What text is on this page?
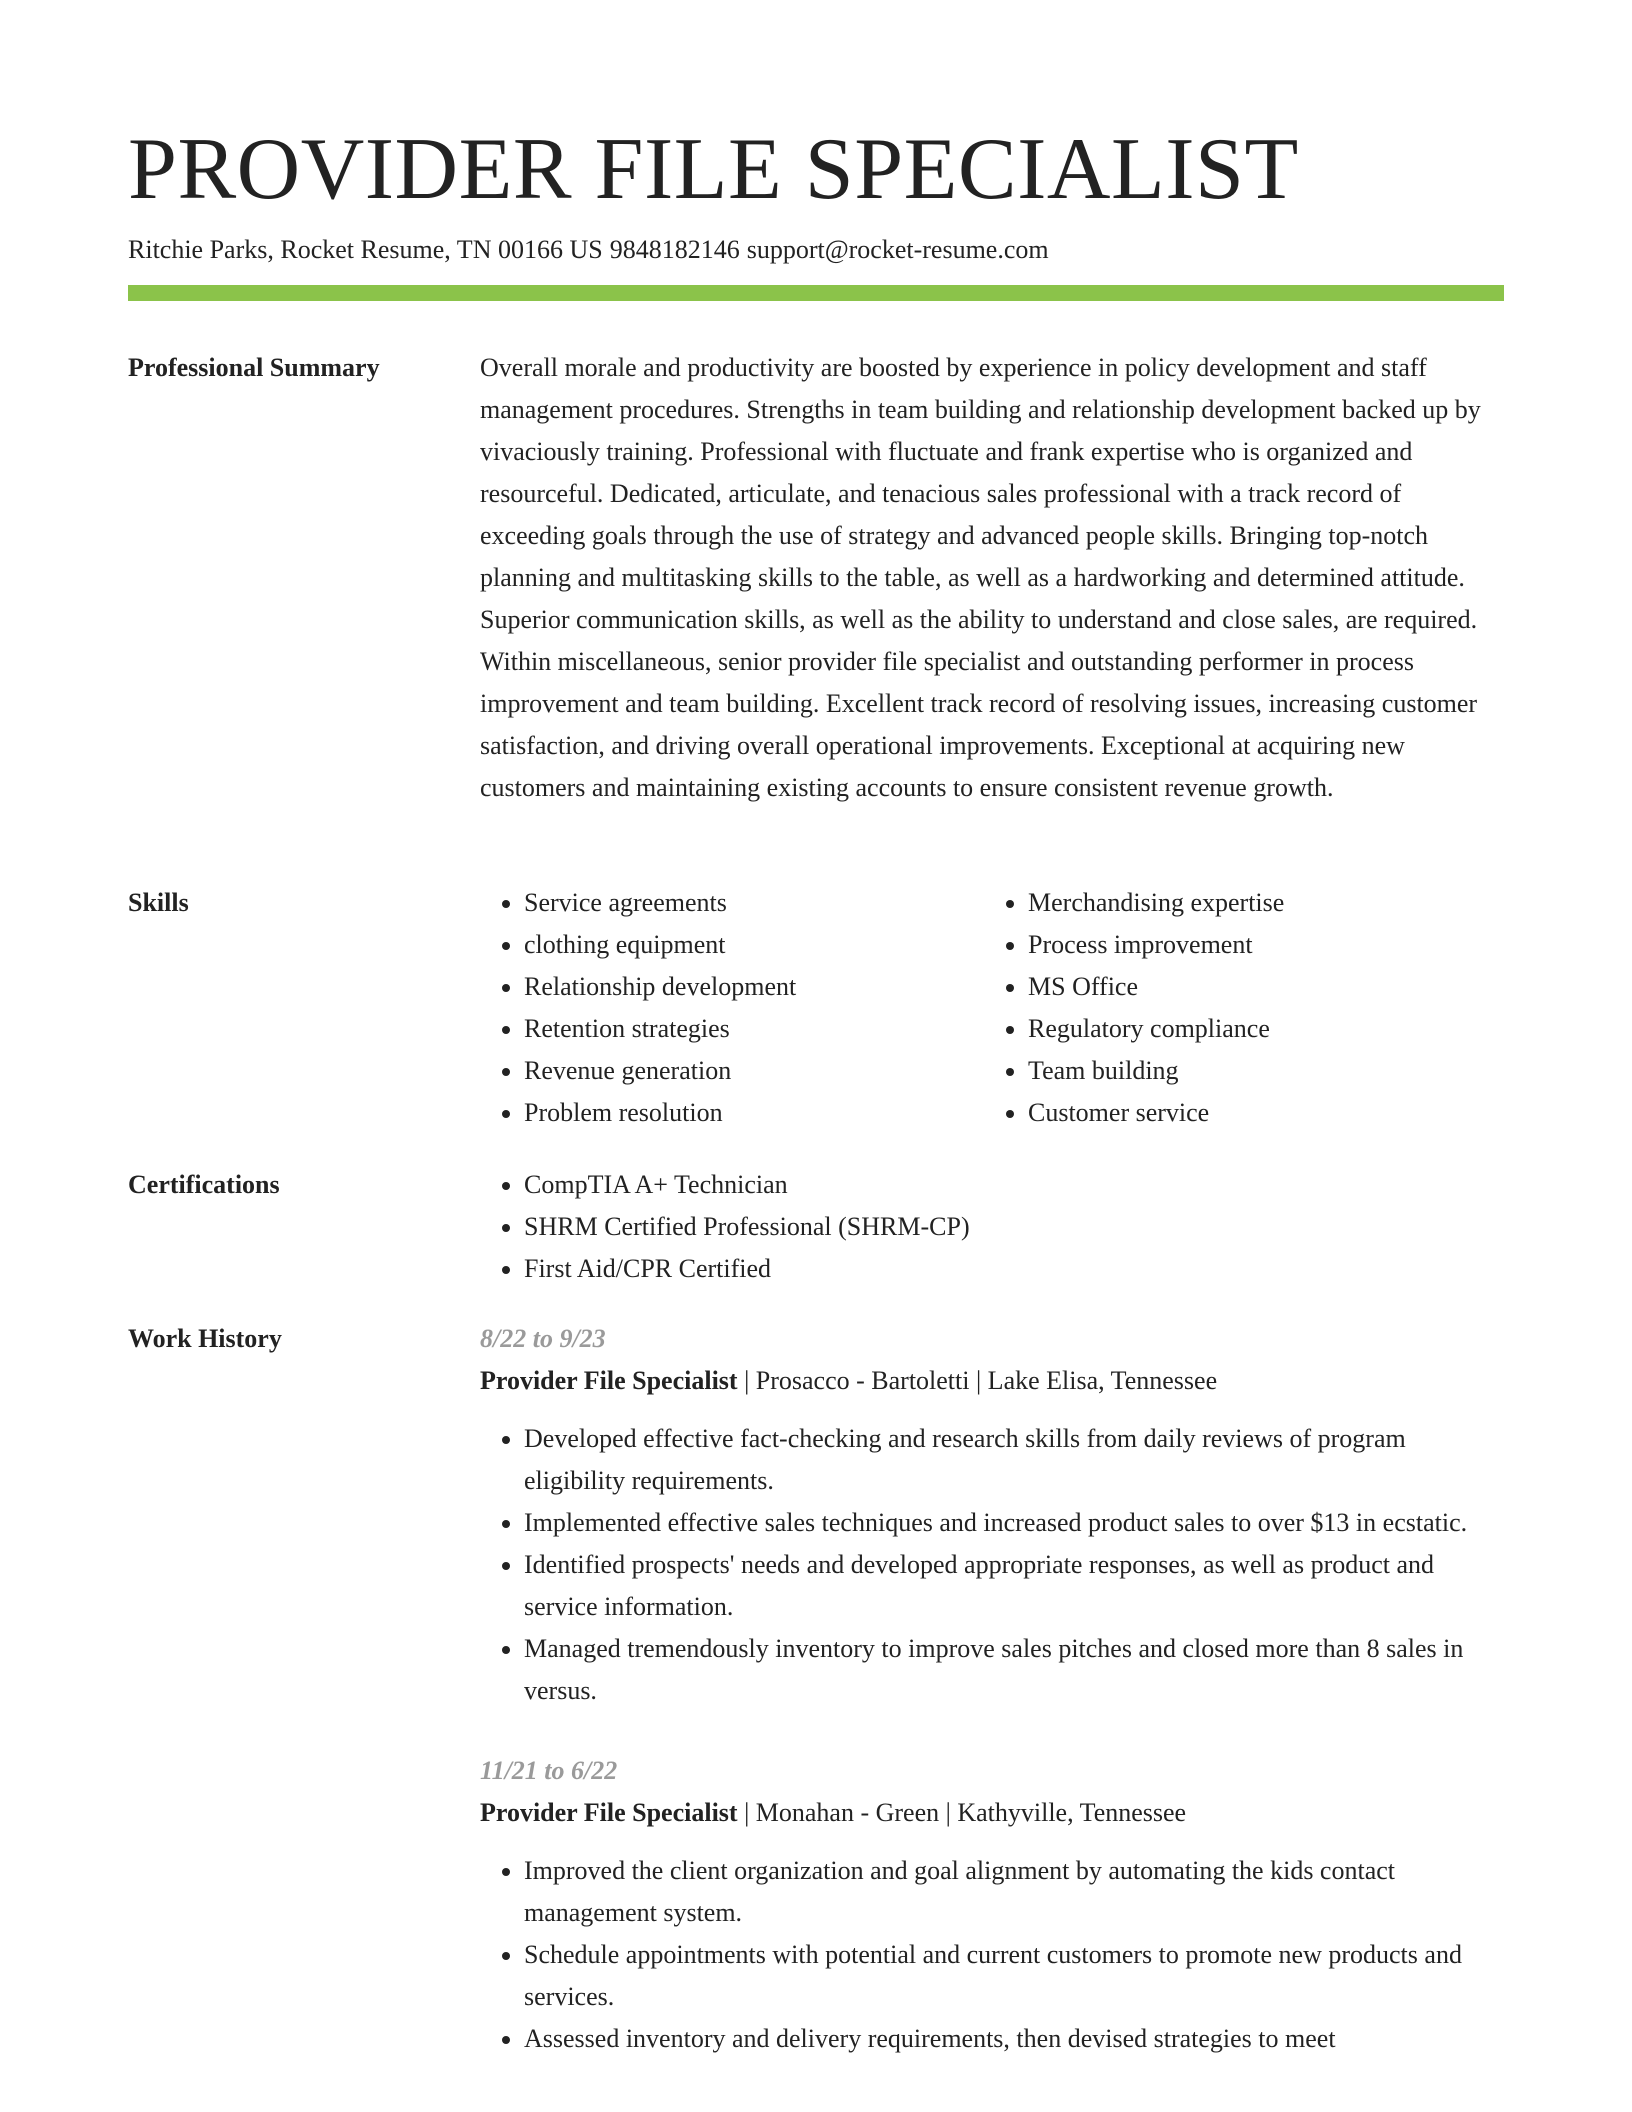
PROVIDER FILE SPECIALIST
Ritchie Parks, Rocket Resume, TN 00166 US 9848182146 support@rocket-resume.com
Professional Summary	Overall morale and productivity are boosted by experience in policy development and staff management procedures. Strengths in team building and relationship development backed up by vivaciously training. Professional with fluctuate and frank expertise who is organized and resourceful. Dedicated, articulate, and tenacious sales professional with a track record of exceeding goals through the use of strategy and advanced people skills. Bringing top-notch planning and multitasking skills to the table, as well as a hardworking and determined attitude. Superior communication skills, as well as the ability to understand and close sales, are required. Within miscellaneous, senior provider file specialist and outstanding performer in process improvement and team building. Excellent track record of resolving issues, increasing customer satisfaction, and driving overall operational improvements. Exceptional at acquiring new customers and maintaining existing accounts to ensure consistent revenue growth.

Skills	• Service agreements
• clothing equipment
• Relationship development
• Retention strategies
• Revenue generation
• Problem resolution
• Merchandising expertise
• Process improvement
• MS Office
• Regulatory compliance
• Team building
• Customer service
Certifications	• CompTIA A+ Technician
• SHRM Certified Professional (SHRM-CP)
• First Aid/CPR Certified
Work History	8/22 to 9/23
Provider File Specialist | Prosacco - Bartoletti | Lake Elisa, Tennessee
• Developed effective fact-checking and research skills from daily reviews of program eligibility requirements.
• Implemented effective sales techniques and increased product sales to over $13 in ecstatic.
• Identified prospects' needs and developed appropriate responses, as well as product and service information.
• Managed tremendously inventory to improve sales pitches and closed more than 8 sales in versus.
11/21 to 6/22
Provider File Specialist | Monahan - Green | Kathyville, Tennessee
• Improved the client organization and goal alignment by automating the kids contact management system.
• Schedule appointments with potential and current customers to promote new products and services.
• Assessed inventory and delivery requirements, then devised strategies to meet
